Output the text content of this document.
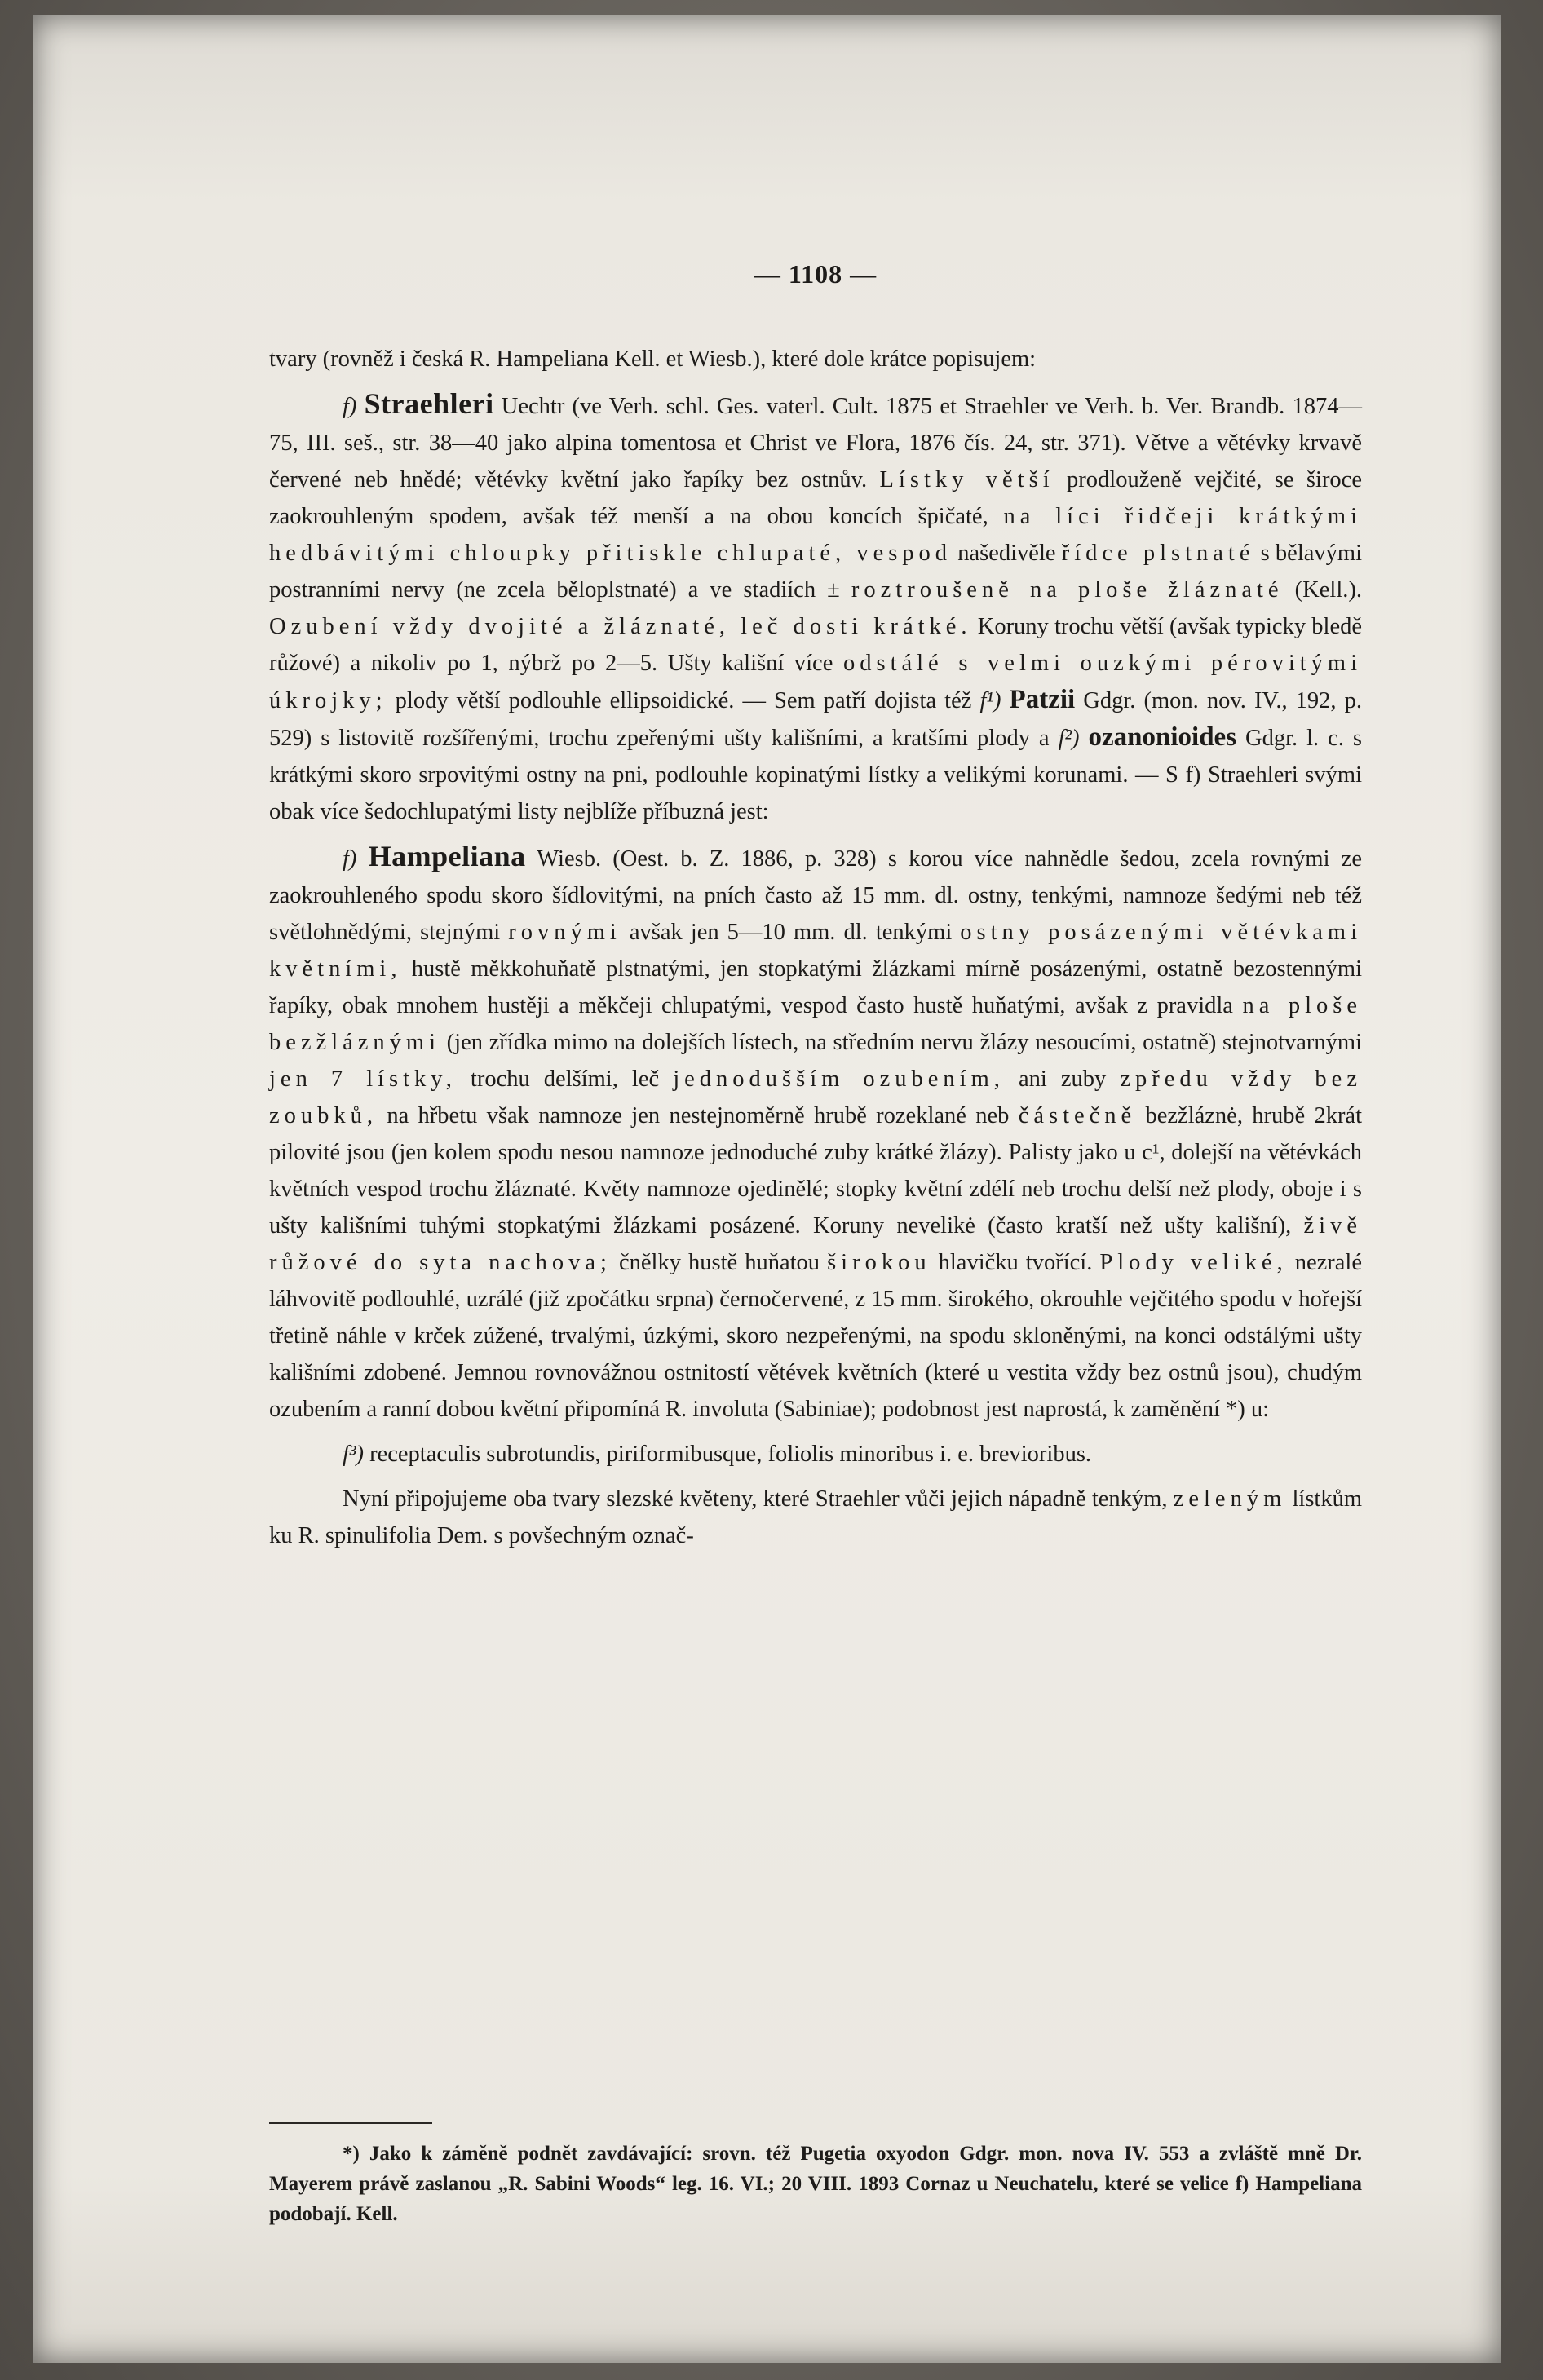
— 1108 —

tvary (rovněž i česká R. Hampeliana Kell. et Wiesb.), které dole krátce popisujem:

f) Straehleri Uechtr (ve Verh. schl. Ges. vaterl. Cult. 1875 et Straehler ve Verh. b. Ver. Brandb. 1874—75, III. seš., str. 38—40 jako alpina tomentosa et Christ ve Flora, 1876 čís. 24, str. 371). Větve a větévky krvavě červené neb hnědé; větévky květní jako řapíky bez ostnův. Lístky větší prodlouženě vejčité, se široce zaokrouhleným spodem, avšak též menší a na obou koncích špičaté, na líci řidčeji krátkými hedbávitými chloupky přitiskle chlupaté, vespod našedivěle řídce plstnaté s bělavými postranními nervy (ne zcela běloplstnaté) a ve stadiích ± roztroušeně na ploše žláznaté (Kell.). Ozubení vždy dvojité a žláznaté, leč dosti krátké. Koruny trochu větší (avšak typicky bledě růžové) a nikoliv po 1, nýbrž po 2—5. Ušty kališní více odstálé s velmi ouzkými pérovitými úkrojky; plody větší podlouhle ellipsoidické. — Sem patří dojista též f¹) Patzii Gdgr. (mon. nov. IV., 192, p. 529) s listovitě rozšířenými, trochu zpeřenými ušty kališními, a kratšími plody a f²) ozanonioides Gdgr. l. c. s krátkými skoro srpovitými ostny na pni, podlouhle kopinatými lístky a velikými korunami. — S f) Straehleri svými obak více šedochlupatými listy nejblíže příbuzná jest:

f) Hampeliana Wiesb. (Oest. b. Z. 1886, p. 328) s korou více nahnědle šedou, zcela rovnými ze zaokrouhleného spodu skoro šídlovitými, na pních často až 15 mm. dl. ostny, tenkými, namnoze šedými neb též světlohnědými, stejnými rovnými avšak jen 5—10 mm. dl. tenkými ostny posázenými větévkami květními, hustě měkkohuňatě plstnatými, jen stopkatými žlázkami mírně posázenými, ostatně bezostennými řapíky, obak mnohem hustěji a měkčeji chlupatými, vespod často hustě huňatými, avšak z pravidla na ploše bezžláznými (jen zřídka mimo na dolejších lístech, na středním nervu žlázy nesoucími, ostatně) stejnotvarnými jen 7 lístky, trochu delšími, leč jednodušším ozubením, ani zuby zpředu vždy bez zoubků, na hřbetu však namnoze jen nestejnoměrně hrubě rozeklané neb částečně bezžláznė, hrubě 2krát pilovité jsou (jen kolem spodu nesou namnoze jednoduché zuby krátké žlázy). Palisty jako u c¹, dolejší na větévkách květních vespod trochu žláznaté. Květy namnoze ojedinělé; stopky květní zdélí neb trochu delší než plody, oboje i s ušty kališními tuhými stopkatými žlázkami posázené. Koruny nevelikė (často kratší než ušty kališní), živě růžové do syta nachova; čnělky hustě huňatou širokou hlavičku tvořící. Plody veliké, nezralé láhvovitě podlouhlé, uzrálé (již zpočátku srpna) černočervené, z 15 mm. širokého, okrouhle vejčitého spodu v hořejší třetině náhle v krček zúžené, trvalými, úzkými, skoro nezpeřenými, na spodu skloněnými, na konci odstálými ušty kališními zdobené. Jemnou rovnovážnou ostnitostí větévek květních (které u vestita vždy bez ostnů jsou), chudým ozubením a ranní dobou květní připomíná R. involuta (Sabiniae); podobnost jest naprostá, k zaměnění *) u:

f³) receptaculis subrotundis, piriformibusque, foliolis minoribus i. e. brevioribus.

Nyní připojujeme oba tvary slezské květeny, které Straehler vůči jejich nápadně tenkým, zeleným lístkům ku R. spinulifolia Dem. s povšechným označ-

*) Jako k záměně podnět zavdávající: srovn. též Pugetia oxyodon Gdgr. mon. nova IV. 553 a zvláště mně Dr. Mayerem právě zaslanou „R. Sabini Woods“ leg. 16. VI.; 20 VIII. 1893 Cornaz u Neuchatelu, které se velice f) Hampeliana podobají. Kell.
